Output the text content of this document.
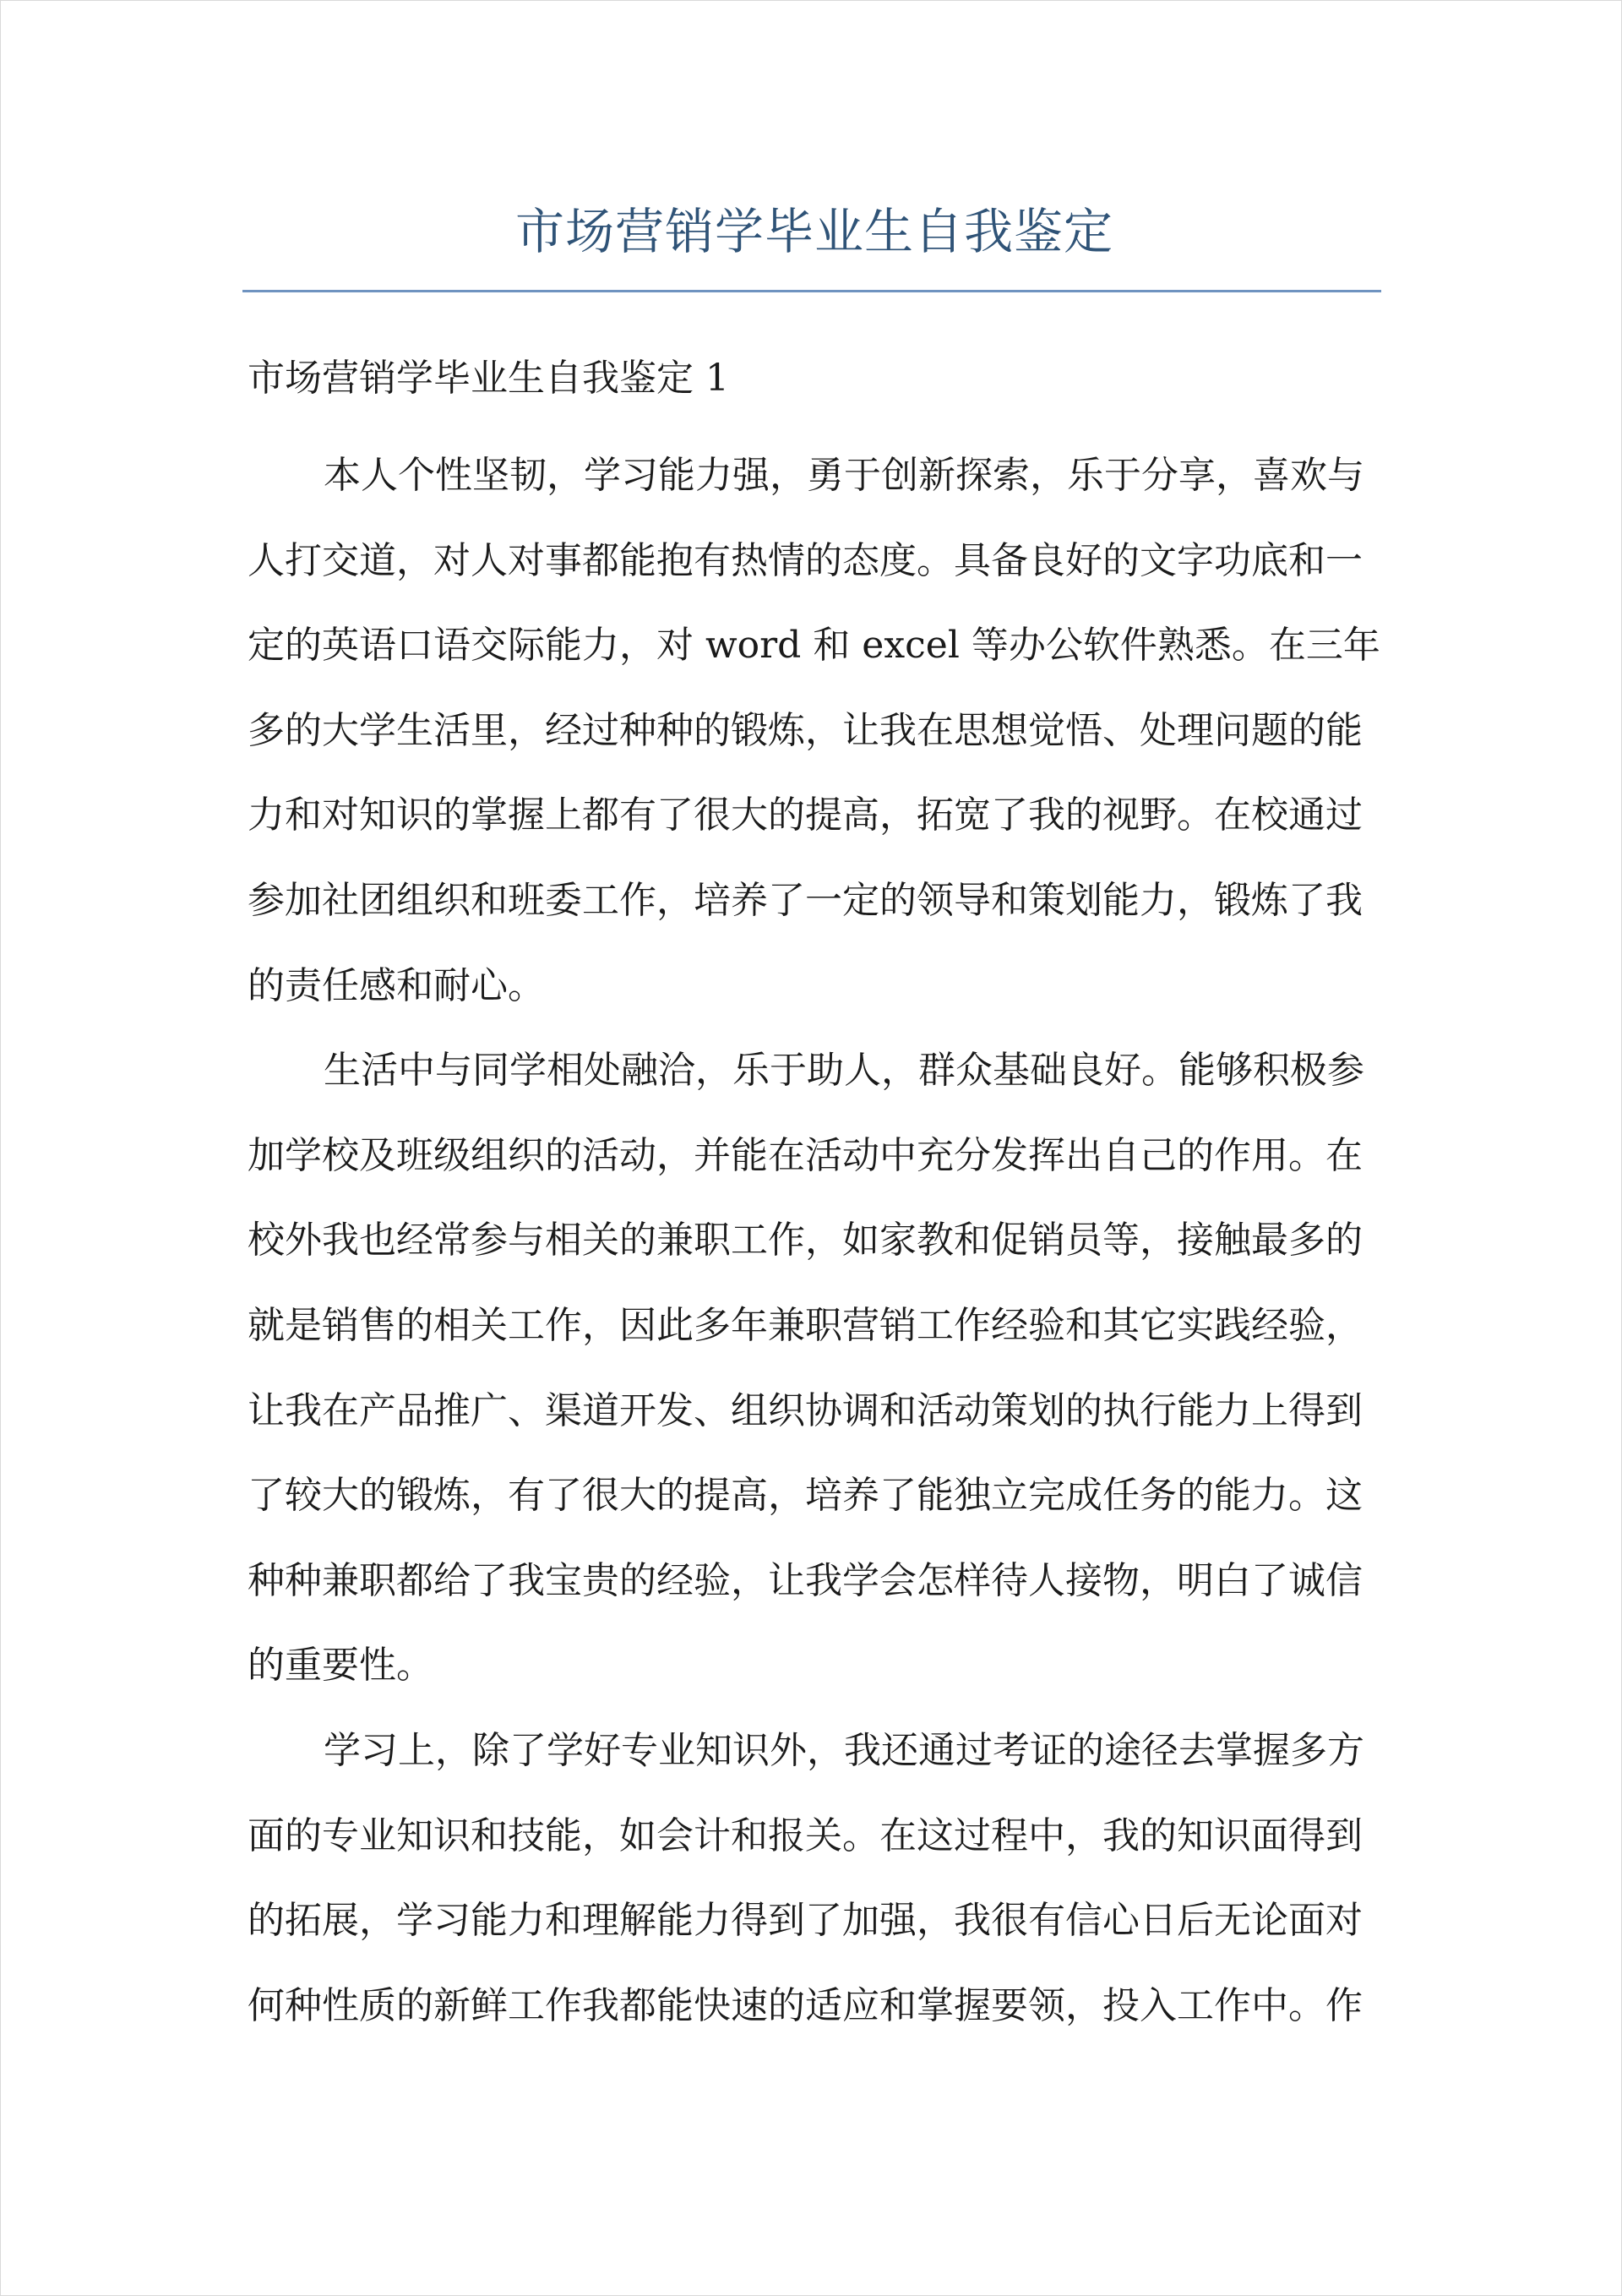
市场营销学毕业生自我鉴定
市场营销学毕业生自我鉴定 1
本人个性坚韧，学习能力强，勇于创新探索，乐于分享，喜欢与
人打交道，对人对事都能抱有热情的态度。具备良好的文字功底和一
定的英语口语交际能力，对 word 和 excel 等办公软件熟悉。在三年
多的大学生活里，经过种种的锻炼，让我在思想觉悟、处理问题的能
力和对知识的掌握上都有了很大的提高，拓宽了我的视野。在校通过
参加社团组织和班委工作，培养了一定的领导和策划能力，锻炼了我
的责任感和耐心。
生活中与同学相处融洽，乐于助人，群众基础良好。能够积极参
加学校及班级组织的活动，并能在活动中充分发挥出自己的作用。在
校外我也经常参与相关的兼职工作，如家教和促销员等，接触最多的
就是销售的相关工作，因此多年兼职营销工作经验和其它实践经验，
让我在产品推广、渠道开发、组织协调和活动策划的执行能力上得到
了较大的锻炼，有了很大的提高，培养了能独立完成任务的能力。这
种种兼职都给了我宝贵的经验，让我学会怎样待人接物，明白了诚信
的重要性。
学习上，除了学好专业知识外，我还通过考证的途径去掌握多方
面的专业知识和技能，如会计和报关。在这过程中，我的知识面得到
的拓展，学习能力和理解能力得到了加强，我很有信心日后无论面对
何种性质的新鲜工作我都能快速的适应和掌握要领，投入工作中。作
